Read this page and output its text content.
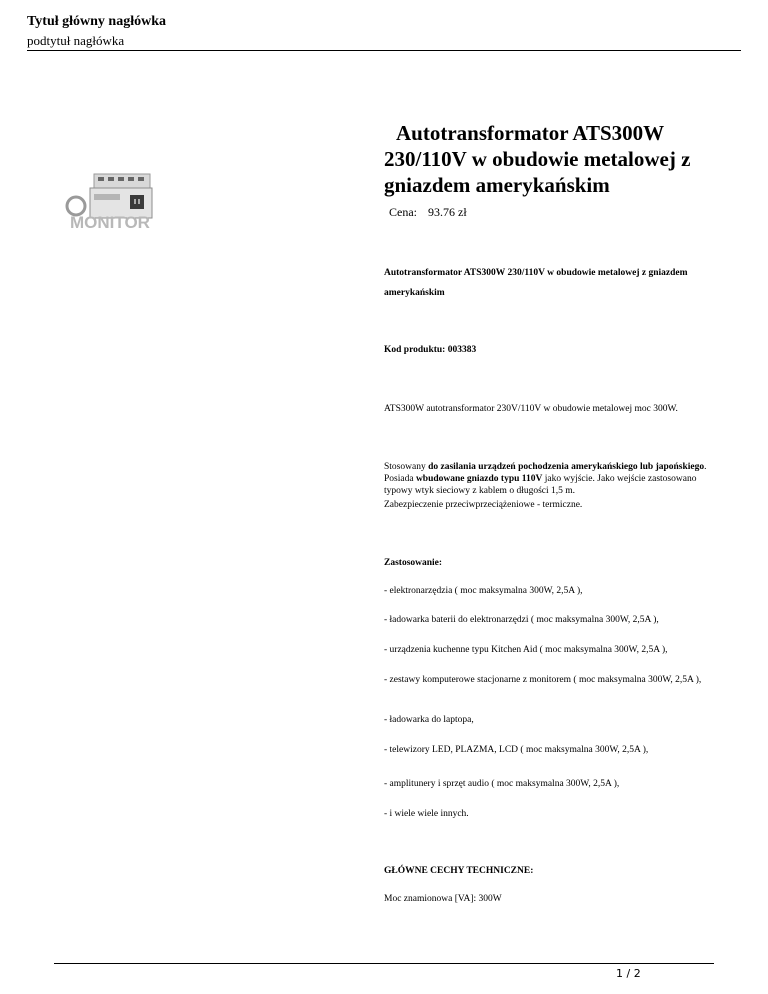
Tytuł główny nagłówka
podtytuł nagłówka
MONITOR
Autotransformator ATS300W 230/110V w obudowie metalowej z gniazdem amerykańskim
Cena: 93.76 zł
Autotransformator ATS300W 230/110V w obudowie metalowej z gniazdem amerykańskim
Kod produktu: 003383
ATS300W autotransformator 230V/110V w obudowie metalowej moc 300W.
Stosowany do zasilania urządzeń pochodzenia amerykańskiego lub japońskiego. Posiada wbudowane gniazdo typu 110V jako wyjście. Jako wejście zastosowano typowy wtyk sieciowy z kablem o długości 1,5 m.
Zabezpieczenie przeciwprzeciążeniowe - termiczne.
Zastosowanie:
- elektronarzędzia ( moc maksymalna 300W, 2,5A ),
- ładowarka baterii do elektronarzędzi ( moc maksymalna 300W, 2,5A ),
- urządzenia kuchenne typu Kitchen Aid ( moc maksymalna 300W, 2,5A ),
- zestawy komputerowe stacjonarne z monitorem ( moc maksymalna 300W, 2,5A ),
- ładowarka do laptopa,
- telewizory LED, PLAZMA, LCD ( moc maksymalna 300W, 2,5A ),
- amplitunery i sprzęt audio ( moc maksymalna 300W, 2,5A ),
- i wiele wiele innych.
GŁÓWNE CECHY TECHNICZNE:
Moc znamionowa [VA]: 300W
1 / 2
